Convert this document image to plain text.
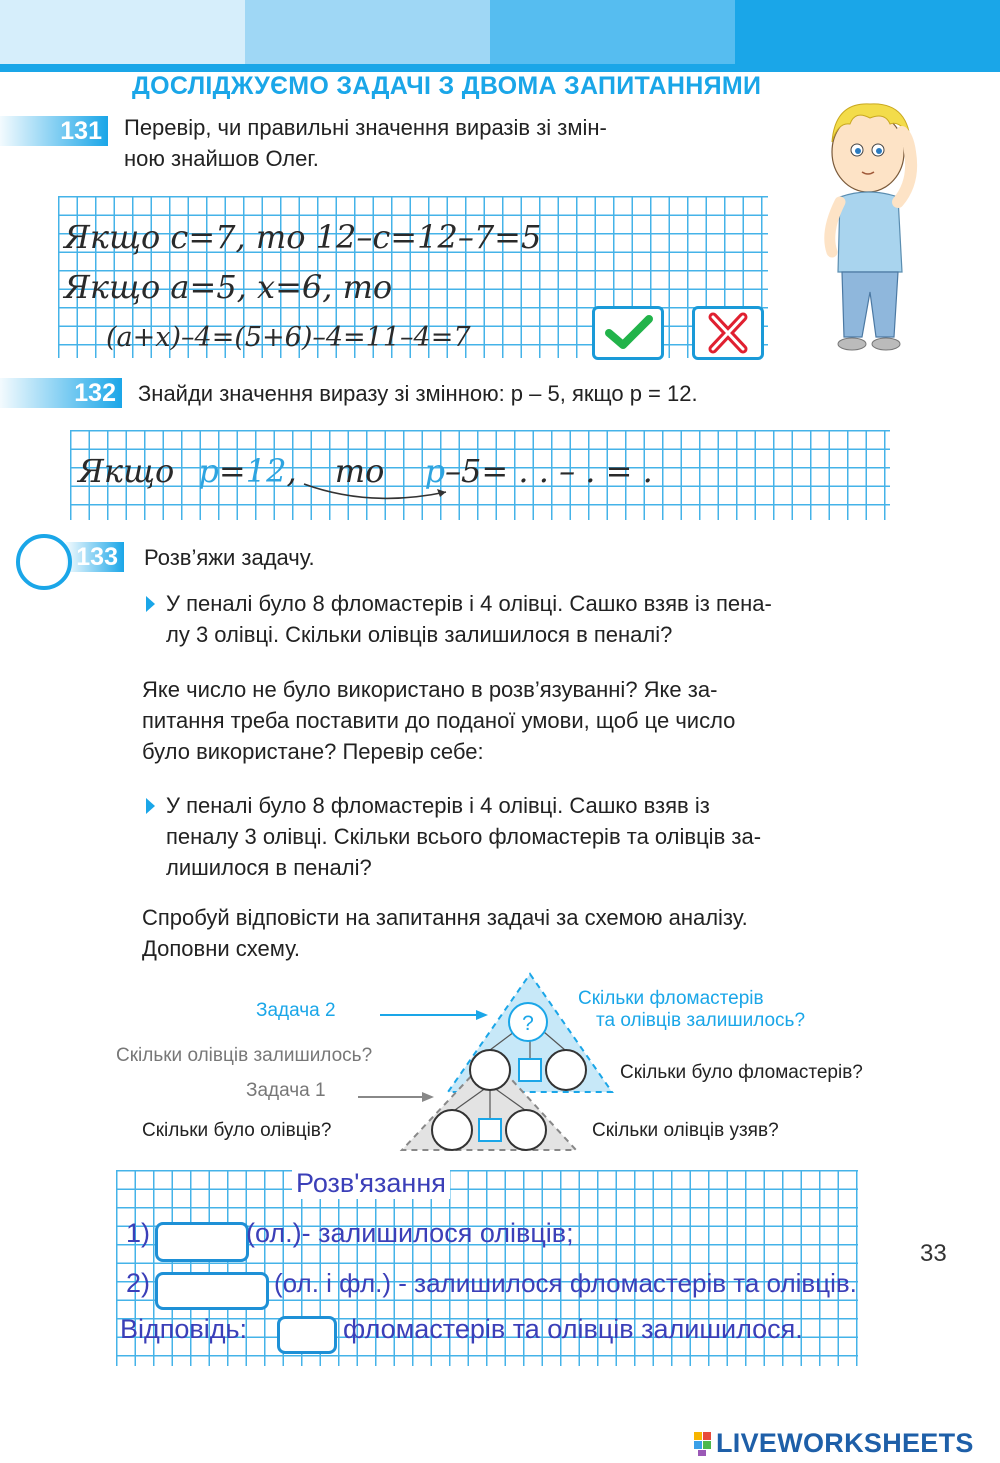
ДОСЛІДЖУЄМО ЗАДАЧІ З ДВОМА ЗАПИТАННЯМИ
131 Перевір, чи правильні значення виразів зі змін-
ною знайшов Олег.
Якщо c=7, то 12–c=12–7=5
Якщо a=5, x=6, то
(a+x)–4=(5+6)–4=11–4=7
132 Знайди значення виразу зі змінною: p – 5, якщо p = 12.
Якщо p=12, то p–5= . . – . = .
133 Розв’яжи задачу.
У пеналі було 8 фломастерів і 4 олівці. Сашко взяв із пена-
лу 3 олівці. Скільки олівців залишилося в пеналі?
Яке число не було використано в розв’язуванні? Яке за-
питання треба поставити до поданої умови, щоб це число
було використане? Перевір себе:
У пеналі було 8 фломастерів і 4 олівці. Сашко взяв із
пеналу 3 олівці. Скільки всього фломастерів та олівців за-
лишилося в пеналі?
Спробуй відповісти на запитання задачі за схемою аналізу.
Доповни схему.
?
Задача 2
Скільки фломастерів
та олівців залишилось?
Скільки олівців залишилось?
Скільки було фломастерів?
Задача 1
Скільки було олівців?	Скільки олівців узяв?
Розв'язання
1)	(ол.)- залишилося олівців;
2)	(ол. і фл.) - залишилося фломастерів та олівців.
Відповідь:	фломастерів та олівців залишилося.
33
LIVEWORKSHEETS
